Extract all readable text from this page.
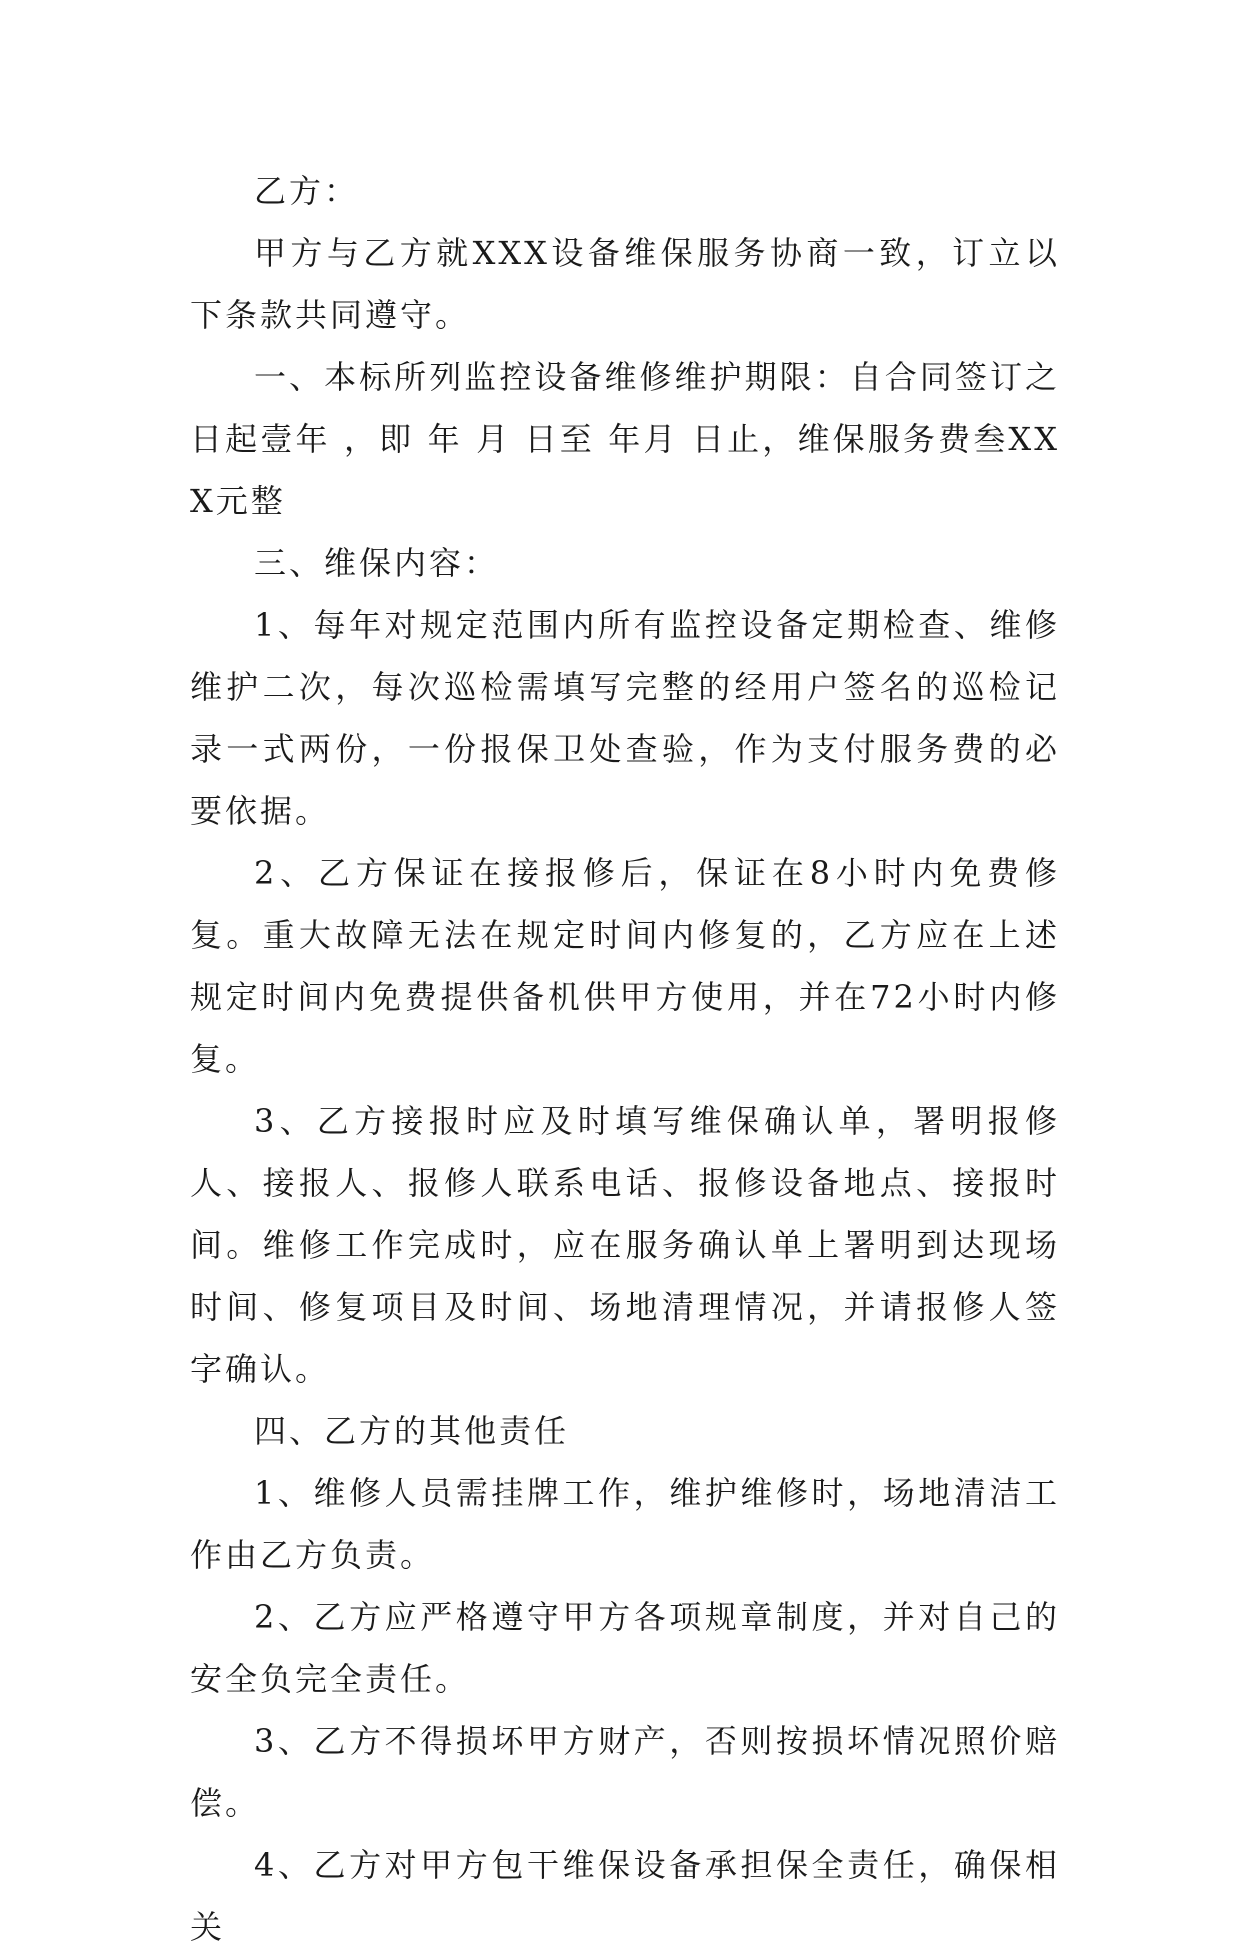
乙方：

甲方与乙方就XXX设备维保服务协商一致，订立以下条款共同遵守。

一、本标所列监控设备维修维护期限：自合同签订之日起壹年 ，即 年 月 日至 年月 日止，维保服务费叁XXX元整

三、维保内容：

1、每年对规定范围内所有监控设备定期检查、维修维护二次，每次巡检需填写完整的经用户签名的巡检记录一式两份，一份报保卫处查验，作为支付服务费的必要依据。

2、乙方保证在接报修后，保证在8小时内免费修复。重大故障无法在规定时间内修复的，乙方应在上述规定时间内免费提供备机供甲方使用，并在72小时内修复。

3、乙方接报时应及时填写维保确认单，署明报修人、接报人、报修人联系电话、报修设备地点、接报时间。维修工作完成时，应在服务确认单上署明到达现场时间、修复项目及时间、场地清理情况，并请报修人签字确认。

四、乙方的其他责任

1、维修人员需挂牌工作，维护维修时，场地清洁工作由乙方负责。

2、乙方应严格遵守甲方各项规章制度，并对自己的安全负完全责任。

3、乙方不得损坏甲方财产，否则按损坏情况照价赔偿。

4、乙方对甲方包干维保设备承担保全责任，确保相关
